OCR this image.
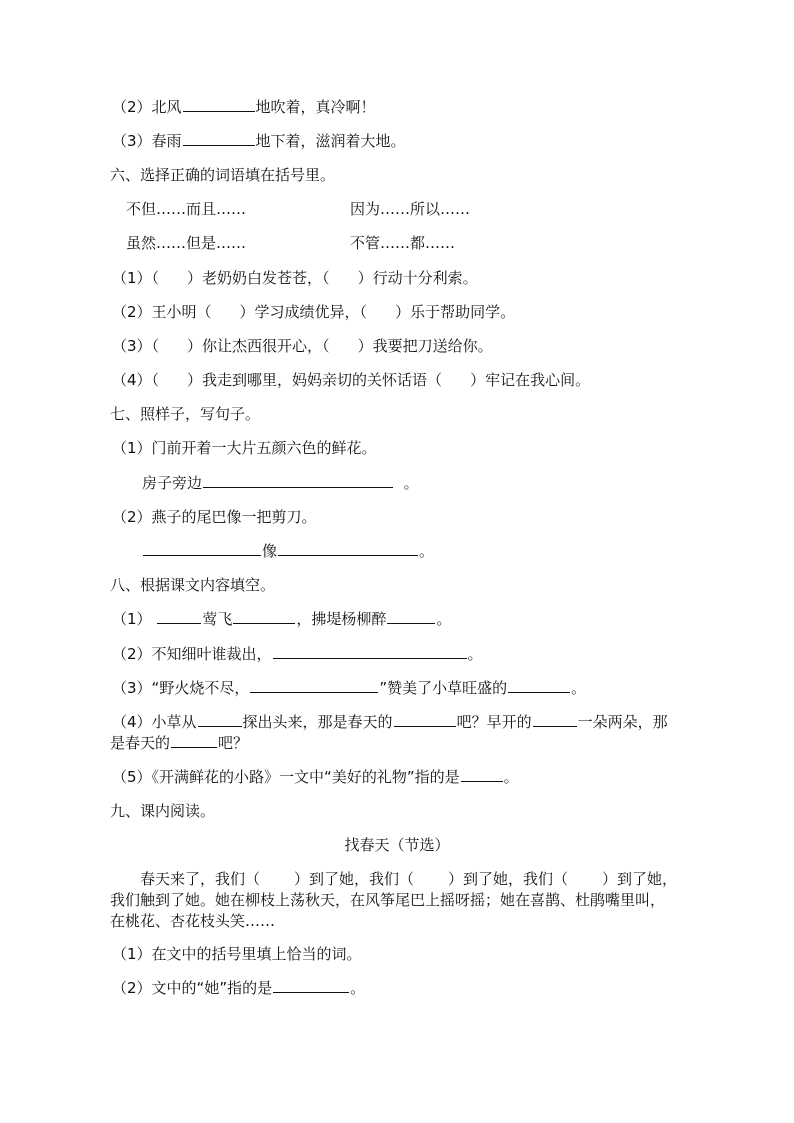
（2）北风	地吹着，真冷啊！
（3）春雨	地下着，滋润着大地。
六、选择正确的词语填在括号里。
不但……而且……	因为……所以……
虽然……但是……	不管……都……
（1）（ ）老奶奶白发苍苍，（ ）行动十分利索。
（2）王小明（ ）学习成绩优异，（ ）乐于帮助同学。
（3）（ ）你让杰西很开心，（ ）我要把刀送给你。
（4）（ ）我走到哪里，妈妈亲切的关怀话语（ ）牢记在我心间。
七、照样子，写句子。
（1）门前开着一大片五颜六色的鲜花。
房子旁边	。
（2）燕子的尾巴像一把剪刀。
像	。
八、根据课文内容填空。
（1）	莺飞	，拂堤杨柳醉	。
（2）不知细叶谁裁出，	。
（3）“野火烧不尽，	”赞美了小草旺盛的	。
（4）小草从	探出头来，那是春天的	吧？早开的	一朵两朵，那
是春天的	吧？
（5）《开满鲜花的小路》一文中“美好的礼物”指的是	。
九、课内阅读。
找春天（节选）
春天来了，我们（ ）到了她，我们（ ）到了她，我们（ ）到了她，
我们触到了她。她在柳枝上荡秋天，在风筝尾巴上摇呀摇；她在喜鹊、杜鹃嘴里叫，
在桃花、杏花枝头笑……
（1）在文中的括号里填上恰当的词。
（2）文中的“她”指的是	。
